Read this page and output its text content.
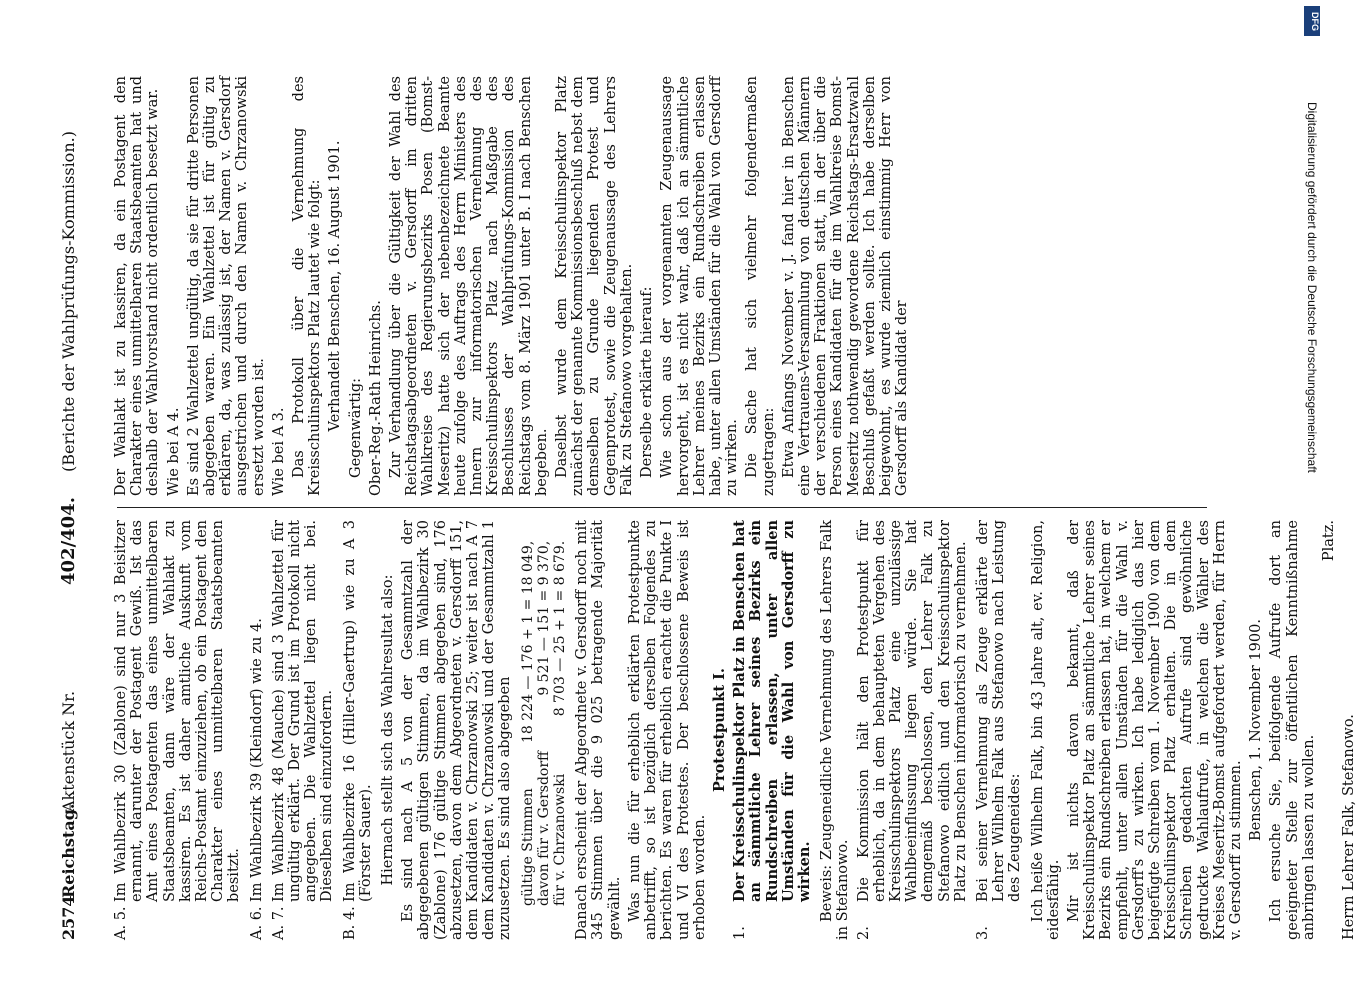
2574
Reichstag.
Aktenstück Nr.
402/404.
(Berichte der Wahlprüfungs-Kommission.)
A. 5.
Im Wahlbezirk 30 (Zablone) sind nur 3 Beisitzer ernannt, darunter der Postagent Gewiß. Ist das Amt eines Postagenten das eines unmittelbaren Staatsbeamten, dann wäre der Wahlakt zu kassiren. Es ist daher amtliche Auskunft vom Reichs-Postamt einzuziehen, ob ein Postagent den Charakter eines unmittelbaren Staatsbeamten besitzt.
A. 6.
Im Wahlbezirk 39 (Kleindorf) wie zu 4.
A. 7.
Im Wahlbezirk 48 (Mauche) sind 3 Wahlzettel für ungültig erklärt. Der Grund ist im Protokoll nicht angegeben. Die Wahlzettel liegen nicht bei. Dieselben sind einzufordern.
B. 4.
Im Wahlbezirke 16 (Hiller-Gaertrup) wie zu A 3 (Förster Sauer). Hiernach stellt sich das Wahlresultat also: Es sind nach A 5 von der Gesammtzahl der abgegebenen gültigen Stimmen, da im Wahlbezirk 30 (Zablone) 176 gültige Stimmen abgegeben sind, 176 abzusetzen, davon dem Abgeordneten v. Gersdorff 151, dem Kandidaten v. Chrzanowski 25; weiter ist nach A 7 dem Kandidaten v. Chrzanowski und der Gesammtzahl 1 zuzusetzen. Es sind also abgegeben gültige Stimmen	18 224 — 176 + 1 = 18 049,
davon für v. Gersdorff	9 521 — 151 = 9 370,
für v. Chrzanowski	8 703 — 25 + 1 = 8 679. Danach erscheint der Abgeordnete v. Gersdorff noch mit 345 Stimmen über die 9 025 betragende Majorität gewählt. Was nun die für erheblich erklärten Protestpunkte anbetrifft, so ist bezüglich derselben Folgendes zu berichten. Es waren für erheblich erachtet die Punkte I und VI des Protestes. Der beschlossene Beweis ist erhoben worden.

Protestpunkt I.

1.
Der Kreisschulinspektor Platz in Benschen hat an sämmtliche Lehrer seines Bezirks ein Rundschreiben erlassen, unter allen Umständen für die Wahl von Gersdorff zu wirken. Beweis: Zeugeneidliche Vernehmung des Lehrers Falk in Stefanowo. 2.
Die Kommission hält den Protestpunkt für erheblich, da in dem behaupteten Vergehen des Kreisschulinspektors Platz eine unzulässige Wahlbeeinflussung liegen würde. Sie hat demgemäß beschlossen, den Lehrer Falk zu Stefanowo eidlich und den Kreisschulinspektor Platz zu Benschen informatorisch zu vernehmen.
3.
Bei seiner Vernehmung als Zeuge erklärte der Lehrer Wilhelm Falk aus Stefanowo nach Leistung des Zeugeneides: Ich heiße Wilhelm Falk, bin 43 Jahre alt, ev. Religion, eidesfähig. Mir ist nichts davon bekannt, daß der Kreisschulinspektor Platz an sämmtliche Lehrer seines Bezirks ein Rundschreiben erlassen hat, in welchem er empfiehlt, unter allen Umständen für die Wahl v. Gersdorff's zu wirken. Ich habe lediglich das hier beigefügte Schreiben vom 1. November 1900 von dem Kreisschulinspektor Platz erhalten. Die in dem Schreiben gedachten Aufrufe sind gewöhnliche gedruckte Wahlaufrufe, in welchen die Wähler des Kreises Meseritz-Bomst aufgefordert werden, für Herrn v. Gersdorff zu stimmen.

Benschen, 1. November 1900. Ich ersuche Sie, beifolgende Aufrufe dort an geeigneter Stelle zur öffentlichen Kenntnißnahme anbringen lassen zu wollen.

Platz.

Herrn Lehrer Falk, Stefanowo.

Der Wahlakt ist zu kassiren, da ein Postagent den Charakter eines unmittelbaren Staatsbeamten hat und deshalb der Wahlvorstand nicht ordentlich besetzt war. Wie bei A 4. Es sind 2 Wahlzettel ungültig, da sie für dritte Personen abgegeben waren. Ein Wahlzettel ist für gültig zu erklären, da, was zulässig ist, der Namen v. Gersdorf ausgestrichen und durch den Namen v. Chrzanowski ersetzt worden ist. Wie bei A 3. Das Protokoll über die Vernehmung des Kreisschulinspektors Platz lautet wie folgt: Verhandelt Benschen, 16. August 1901. Gegenwärtig: Ober-Reg.-Rath Heinrichs. Zur Verhandlung über die Gültigkeit der Wahl des Reichstagsabgeordneten v. Gersdorff im dritten Wahlkreise des Regierungsbezirks Posen (Bomst-Meseritz) hatte sich der nebenbezeichnete Beamte heute zufolge des Auftrags des Herrn Ministers des Innern zur informatorischen Vernehmung des Kreisschulinspektors Platz nach Maßgabe des Beschlusses der Wahlprüfungs-Kommission des Reichstags vom 8. März 1901 unter B. I nach Benschen begeben. Daselbst wurde dem Kreisschulinspektor Platz zunächst der genannte Kommissionsbeschluß nebst dem demselben zu Grunde liegenden Protest und Gegenprotest, sowie die Zeugenaussage des Lehrers Falk zu Stefanowo vorgehalten. Derselbe erklärte hierauf: Wie schon aus der vorgenannten Zeugenaussage hervorgeht, ist es nicht wahr, daß ich an sämmtliche Lehrer meines Bezirks ein Rundschreiben erlassen habe, unter allen Umständen für die Wahl von Gersdorff zu wirken. Die Sache hat sich vielmehr folgendermaßen zugetragen: Etwa Anfangs November v. J. fand hier in Benschen eine Vertrauens-Versammlung von deutschen Männern der verschiedenen Fraktionen statt, in der über die Person eines Kandidaten für die im Wahlkreise Bomst-Meseritz nothwendig gewordene Reichstags-Ersatzwahl Beschluß gefaßt werden sollte. Ich habe derselben beigewohnt, es wurde ziemlich einstimmig Herr von Gersdorff als Kandidat der

DFG
Digitalisierung gefördert durch die Deutsche Forschungsgemeinschaft
